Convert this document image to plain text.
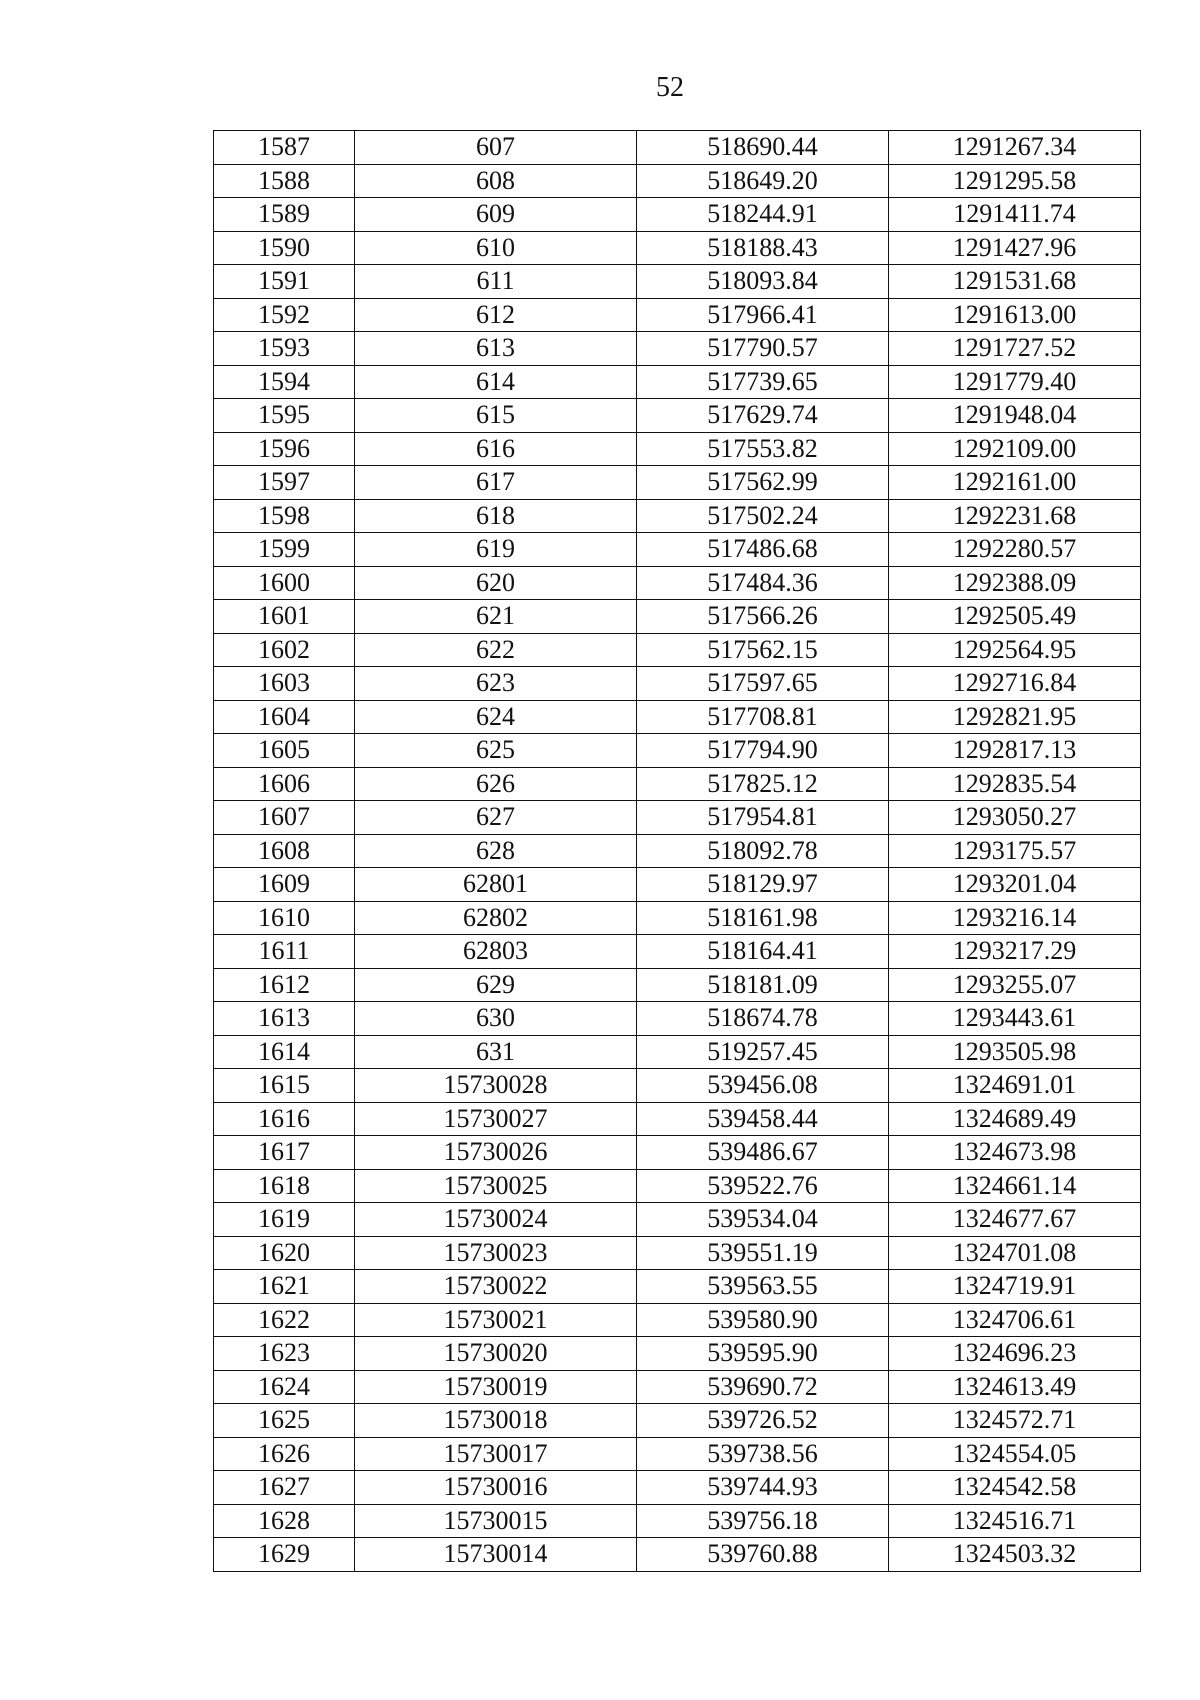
52
1587	607	518690.44	1291267.34
1588	608	518649.20	1291295.58
1589	609	518244.91	1291411.74
1590	610	518188.43	1291427.96
1591	611	518093.84	1291531.68
1592	612	517966.41	1291613.00
1593	613	517790.57	1291727.52
1594	614	517739.65	1291779.40
1595	615	517629.74	1291948.04
1596	616	517553.82	1292109.00
1597	617	517562.99	1292161.00
1598	618	517502.24	1292231.68
1599	619	517486.68	1292280.57
1600	620	517484.36	1292388.09
1601	621	517566.26	1292505.49
1602	622	517562.15	1292564.95
1603	623	517597.65	1292716.84
1604	624	517708.81	1292821.95
1605	625	517794.90	1292817.13
1606	626	517825.12	1292835.54
1607	627	517954.81	1293050.27
1608	628	518092.78	1293175.57
1609	62801	518129.97	1293201.04
1610	62802	518161.98	1293216.14
1611	62803	518164.41	1293217.29
1612	629	518181.09	1293255.07
1613	630	518674.78	1293443.61
1614	631	519257.45	1293505.98
1615	15730028	539456.08	1324691.01
1616	15730027	539458.44	1324689.49
1617	15730026	539486.67	1324673.98
1618	15730025	539522.76	1324661.14
1619	15730024	539534.04	1324677.67
1620	15730023	539551.19	1324701.08
1621	15730022	539563.55	1324719.91
1622	15730021	539580.90	1324706.61
1623	15730020	539595.90	1324696.23
1624	15730019	539690.72	1324613.49
1625	15730018	539726.52	1324572.71
1626	15730017	539738.56	1324554.05
1627	15730016	539744.93	1324542.58
1628	15730015	539756.18	1324516.71
1629	15730014	539760.88	1324503.32
